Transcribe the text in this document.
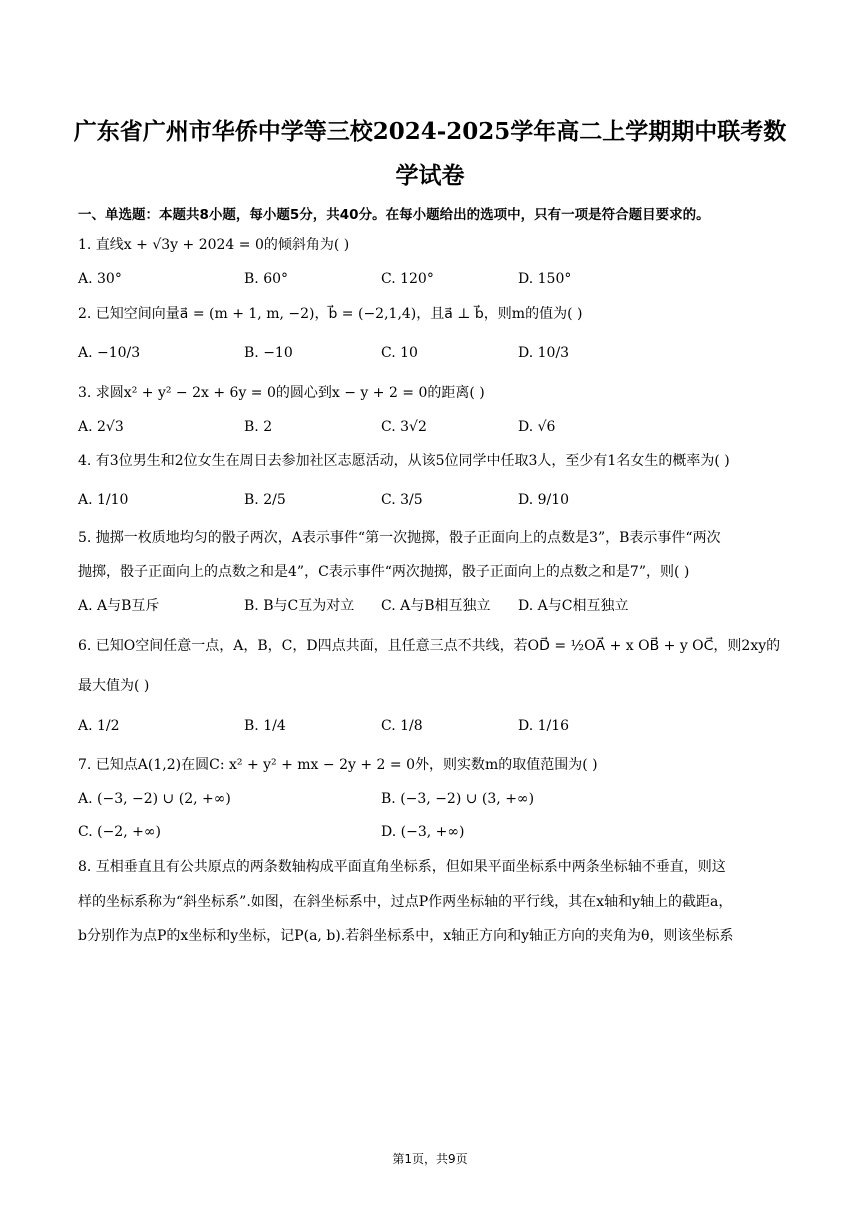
广东省广州市华侨中学等三校2024-2025学年高二上学期期中联考数
学试卷
一、单选题：本题共8小题，每小题5分，共40分。在每小题给出的选项中，只有一项是符合题目要求的。
1. 直线x + √3y + 2024 = 0的倾斜角为( )
A. 30°	B. 60°	C. 120°	D. 150°
2. 已知空间向量a⃗ = (m + 1, m, −2)，b⃗ = (−2,1,4)，且a⃗ ⊥ b⃗，则m的值为( )
A. −10/3	B. −10	C. 10	D. 10/3
3. 求圆x² + y² − 2x + 6y = 0的圆心到x − y + 2 = 0的距离( )
A. 2√3	B. 2	C. 3√2	D. √6
4. 有3位男生和2位女生在周日去参加社区志愿活动，从该5位同学中任取3人，至少有1名女生的概率为( )
A. 1/10	B. 2/5	C. 3/5	D. 9/10
5. 抛掷一枚质地均匀的骰子两次，A表示事件“第一次抛掷，骰子正面向上的点数是3”，B表示事件“两次
抛掷，骰子正面向上的点数之和是4”，C表示事件“两次抛掷，骰子正面向上的点数之和是7”，则( )
A. A与B互斥	B. B与C互为对立 C. A与B相互独立 D. A与C相互独立
6. 已知O空间任意一点，A，B，C，D四点共面，且任意三点不共线，若OD⃗ = ½OA⃗ + x OB⃗ + y OC⃗，则2xy的
最大值为( )
A. 1/2	B. 1/4	C. 1/8	D. 1/16
7. 已知点A(1,2)在圆C: x² + y² + mx − 2y + 2 = 0外，则实数m的取值范围为( )
A. (−3, −2) ∪ (2, +∞)	B. (−3, −2) ∪ (3, +∞)
C. (−2, +∞)	D. (−3, +∞)
8. 互相垂直且有公共原点的两条数轴构成平面直角坐标系，但如果平面坐标系中两条坐标轴不垂直，则这
样的坐标系称为“斜坐标系”.如图，在斜坐标系中，过点P作两坐标轴的平行线，其在x轴和y轴上的截距a，
b分别作为点P的x坐标和y坐标，记P(a, b).若斜坐标系中，x轴正方向和y轴正方向的夹角为θ，则该坐标系
第1页，共9页
